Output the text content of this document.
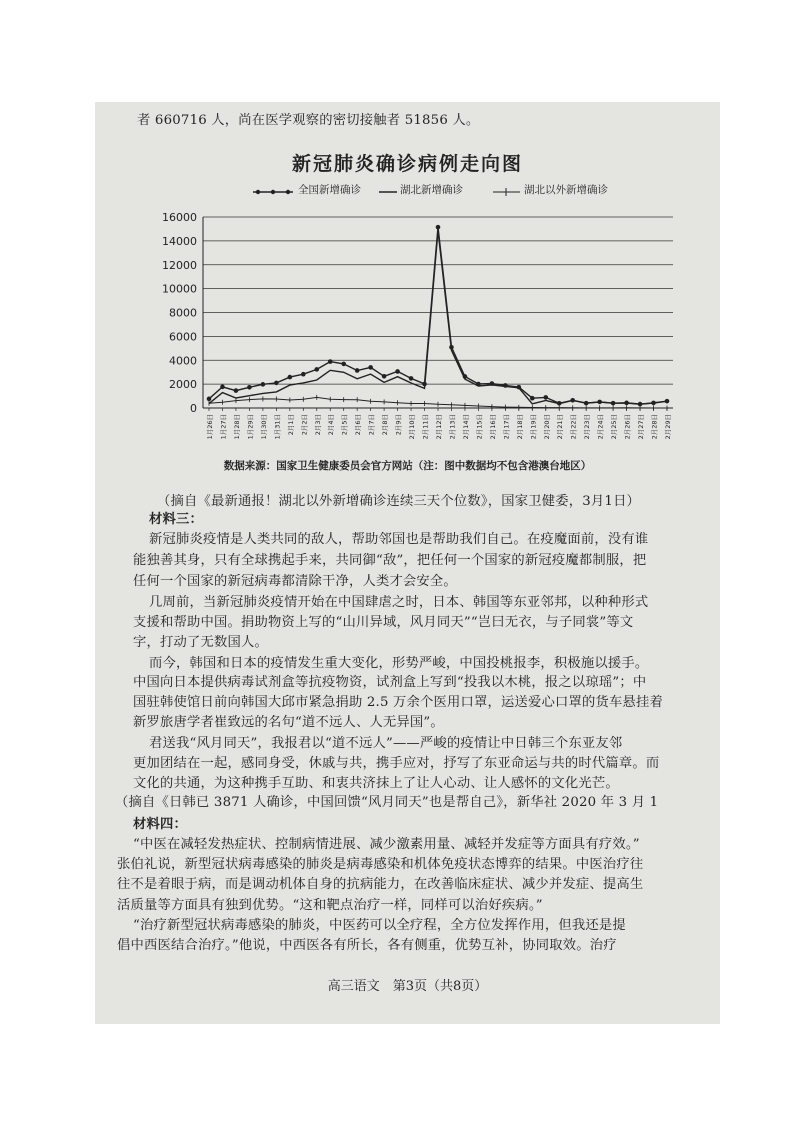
者 660716 人，尚在医学观察的密切接触者 51856 人。
新冠肺炎确诊病例走向图
全国新增确诊	湖北新增确诊	湖北以外新增确诊
0
2000
4000
6000
8000
10000
12000
14000
16000
1月26日 1月27日 1月28日 1月29日 1月30日 1月31日 2月1日 2月2日 2月3日 2月4日 2月5日 2月6日 2月7日 2月8日 2月9日 2月10日 2月11日 2月12日 2月13日 2月14日 2月15日 2月16日 2月17日 2月18日 2月19日 2月20日 2月21日 2月22日 2月23日 2月24日 2月25日 2月26日 2月27日 2月28日 2月29日
数据来源：国家卫生健康委员会官方网站（注：图中数据均不包含港澳台地区）
（摘自《最新通报！湖北以外新增确诊连续三天个位数》，国家卫健委，3月1日）
材料三：
新冠肺炎疫情是人类共同的敌人，帮助邻国也是帮助我们自己。在疫魔面前，没有谁
能独善其身，只有全球携起手来，共同御“敌”，把任何一个国家的新冠疫魔都制服，把
任何一个国家的新冠病毒都清除干净，人类才会安全。
几周前，当新冠肺炎疫情开始在中国肆虐之时，日本、韩国等东亚邻邦，以种种形式
支援和帮助中国。捐助物资上写的“山川异域，风月同天”“岂曰无衣，与子同裳”等文
字，打动了无数国人。
而今，韩国和日本的疫情发生重大变化，形势严峻，中国投桃报李，积极施以援手。
中国向日本提供病毒试剂盒等抗疫物资，试剂盒上写到“投我以木桃，报之以琼瑶”；中
国驻韩使馆日前向韩国大邱市紧急捐助 2.5 万余个医用口罩，运送爱心口罩的货车悬挂着
新罗旅唐学者崔致远的名句“道不远人、人无异国”。
君送我“风月同天”，我报君以“道不远人”——严峻的疫情让中日韩三个东亚友邻
更加团结在一起，感同身受，休戚与共，携手应对，抒写了东亚命运与共的时代篇章。而
文化的共通，为这种携手互助、和衷共济抹上了让人心动、让人感怀的文化光芒。
（摘自《日韩已 3871 人确诊，中国回馈“风月同天”也是帮自己》，新华社 2020 年 3 月 1
材料四：
“中医在减轻发热症状、控制病情进展、减少激素用量、减轻并发症等方面具有疗效。”
张伯礼说，新型冠状病毒感染的肺炎是病毒感染和机体免疫状态博弈的结果。中医治疗往
往不是着眼于病，而是调动机体自身的抗病能力，在改善临床症状、减少并发症、提高生
活质量等方面具有独到优势。“这和靶点治疗一样，同样可以治好疾病。”
“治疗新型冠状病毒感染的肺炎，中医药可以全疗程，全方位发挥作用，但我还是提
倡中西医结合治疗。”他说，中西医各有所长，各有侧重，优势互补，协同取效。治疗
高三语文　第3页（共8页）
